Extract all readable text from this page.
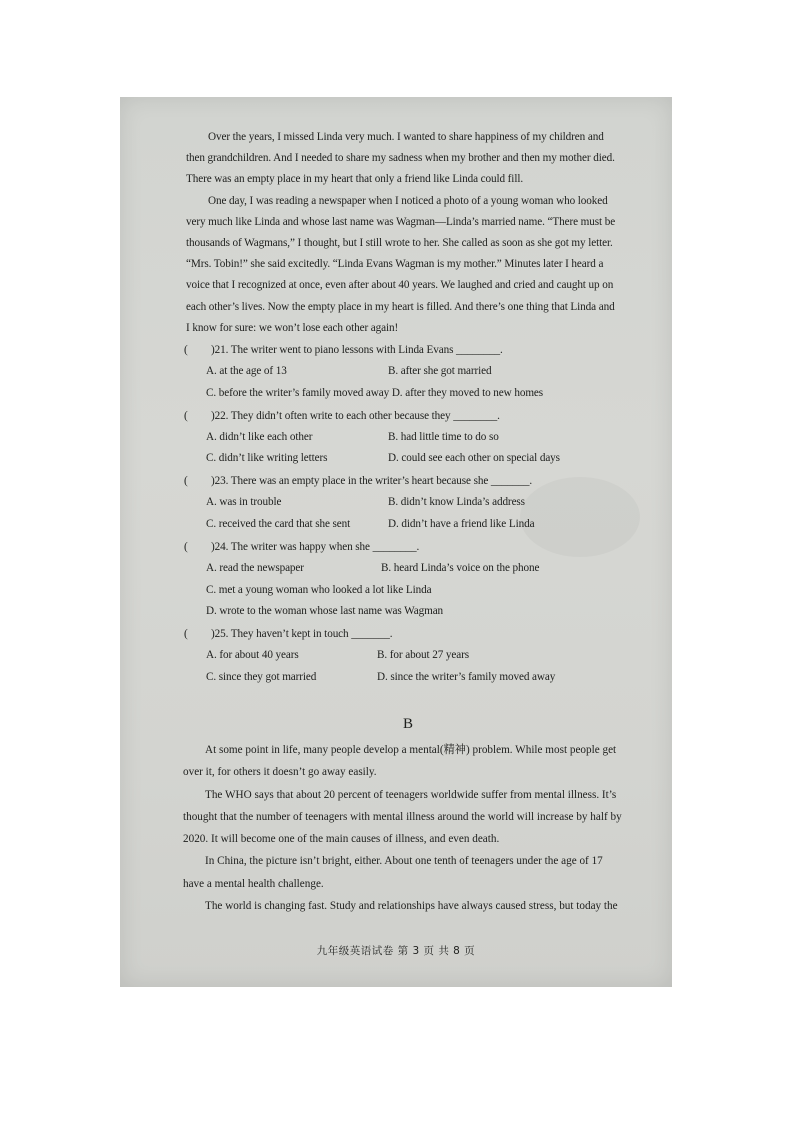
Over the years, I missed Linda very much. I wanted to share happiness of my children and then grandchildren. And I needed to share my sadness when my brother and then my mother died. There was an empty place in my heart that only a friend like Linda could fill.

One day, I was reading a newspaper when I noticed a photo of a young woman who looked very much like Linda and whose last name was Wagman—Linda’s married name. “There must be thousands of Wagmans,” I thought, but I still wrote to her. She called as soon as she got my letter. “Mrs. Tobin!” she said excitedly. “Linda Evans Wagman is my mother.” Minutes later I heard a voice that I recognized at once, even after about 40 years. We laughed and cried and caught up on each other’s lives. Now the empty place in my heart is filled. And there’s one thing that Linda and I know for sure: we won’t lose each other again!

(	)21. The writer went to piano lessons with Linda Evans ________.
A. at the age of 13	B. after she got married
C. before the writer’s family moved away D. after they moved to new homes
(	)22. They didn’t often write to each other because they ________.
A. didn’t like each other	B. had little time to do so
C. didn’t like writing letters	D. could see each other on special days
(	)23. There was an empty place in the writer’s heart because she _______.
A. was in trouble	B. didn’t know Linda’s address
C. received the card that she sent	D. didn’t have a friend like Linda
(	)24. The writer was happy when she ________.
A. read the newspaper	B. heard Linda’s voice on the phone
C. met a young woman who looked a lot like Linda
D. wrote to the woman whose last name was Wagman
(	)25. They haven’t kept in touch _______.
A. for about 40 years	B. for about 27 years
C. since they got married	D. since the writer’s family moved away
B

At some point in life, many people develop a mental(精神) problem. While most people get over it, for others it doesn’t go away easily.

The WHO says that about 20 percent of teenagers worldwide suffer from mental illness. It’s thought that the number of teenagers with mental illness around the world will increase by half by 2020. It will become one of the main causes of illness, and even death.

In China, the picture isn’t bright, either. About one tenth of teenagers under the age of 17 have a mental health challenge.

The world is changing fast. Study and relationships have always caused stress, but today the

九年级英语试卷 第 3 页 共 8 页
